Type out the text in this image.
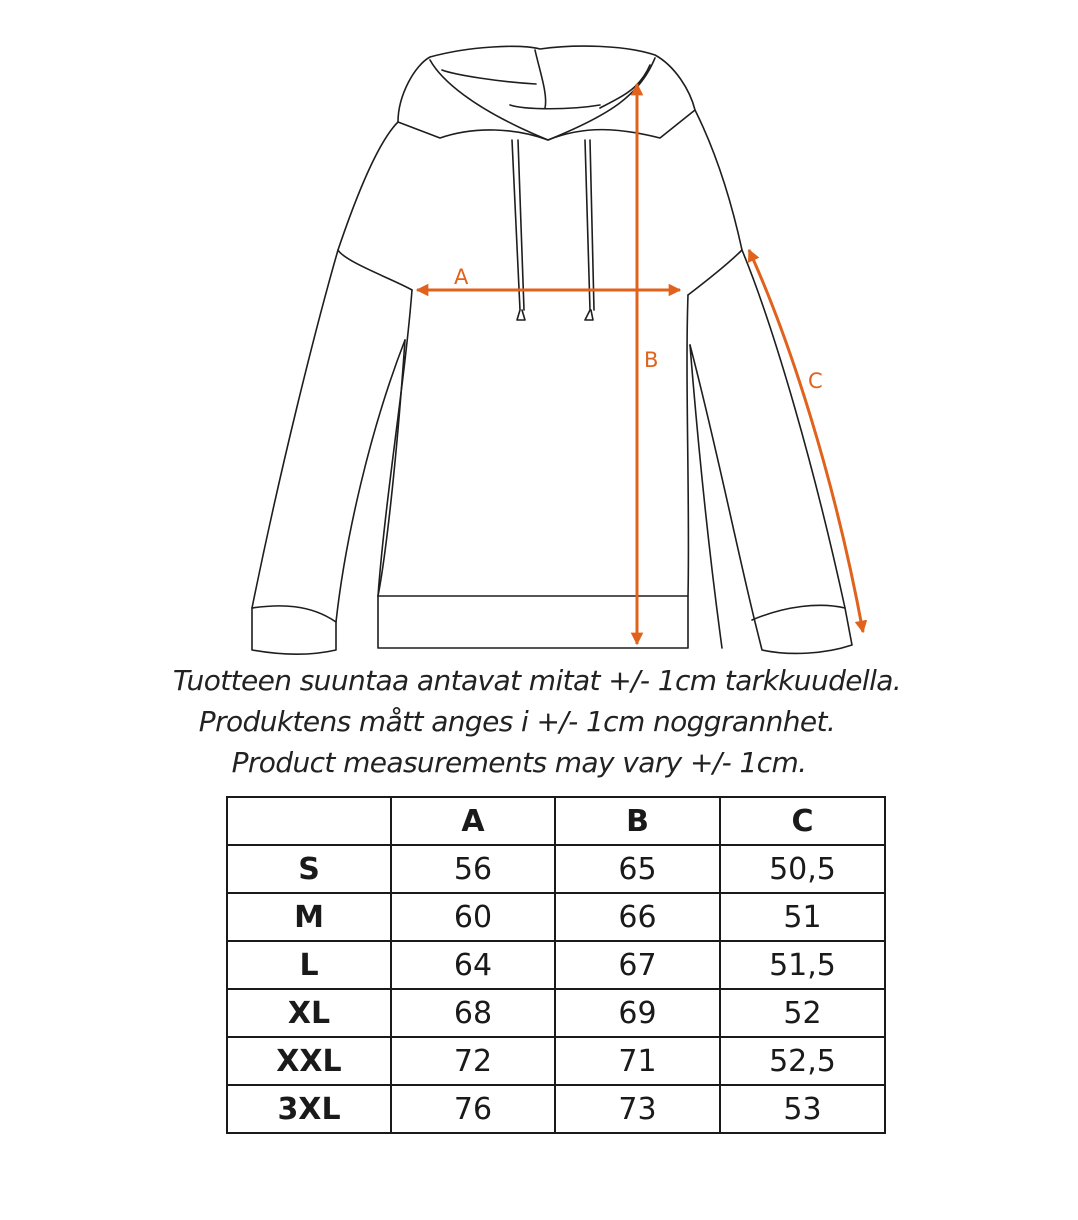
A
B
C
Tuotteen suuntaa antavat mitat +/- 1cm tarkkuudella.
Produktens mått anges i +/- 1cm noggrannhet.
Product measurements may vary +/- 1cm.
	A	B	C
S	56	65	50,5
M	60	66	51
L	64	67	51,5
XL	68	69	52
XXL	72	71	52,5
3XL	76	73	53
